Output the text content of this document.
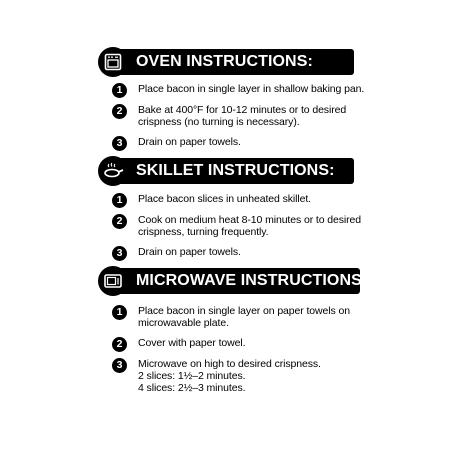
OVEN INSTRUCTIONS:
1	Place bacon in single layer in shallow baking pan.
2	Bake at 400°F for 10-12 minutes or to desired
crispness (no turning is necessary).
3	Drain on paper towels.
SKILLET INSTRUCTIONS:
1	Place bacon slices in unheated skillet.
2	Cook on medium heat 8-10 minutes or to desired
crispness, turning frequently.
3	Drain on paper towels.
MICROWAVE INSTRUCTIONS:
1	Place bacon in single layer on paper towels on
microwavable plate.
2	Cover with paper towel.
3	Microwave on high to desired crispness.
2 slices: 1½–2 minutes.
4 slices: 2½–3 minutes.
